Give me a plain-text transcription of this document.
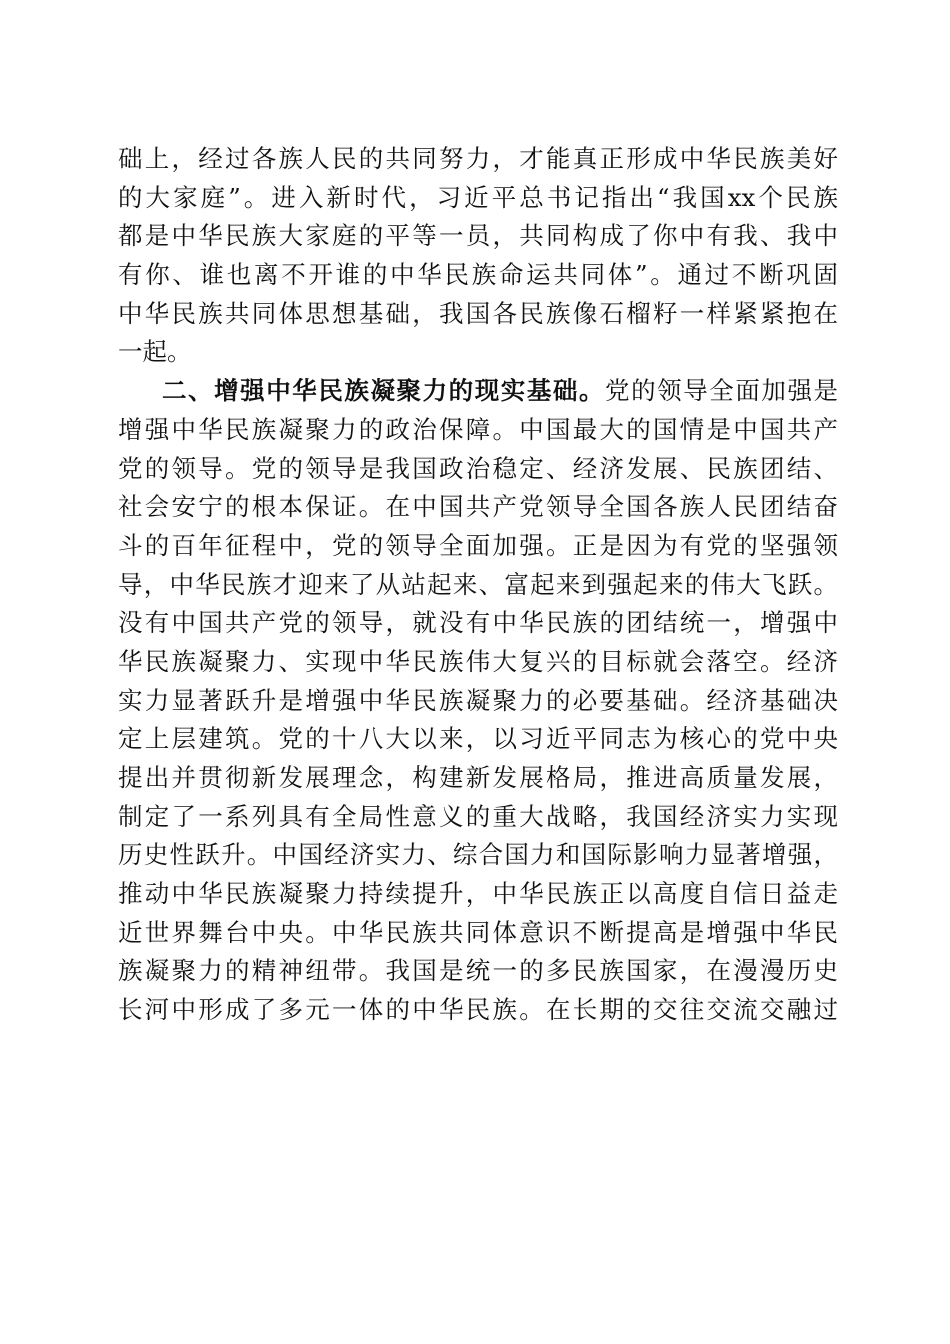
础上，经过各族人民的共同努力，才能真正形成中华民族美好
的大家庭”。进入新时代，习近平总书记指出“我国xx个民族
都是中华民族大家庭的平等一员，共同构成了你中有我、我中
有你、谁也离不开谁的中华民族命运共同体”。通过不断巩固
中华民族共同体思想基础，我国各民族像石榴籽一样紧紧抱在
一起。
二、增强中华民族凝聚力的现实基础。党的领导全面加强是
增强中华民族凝聚力的政治保障。中国最大的国情是中国共产
党的领导。党的领导是我国政治稳定、经济发展、民族团结、
社会安宁的根本保证。在中国共产党领导全国各族人民团结奋
斗的百年征程中，党的领导全面加强。正是因为有党的坚强领
导，中华民族才迎来了从站起来、富起来到强起来的伟大飞跃。
没有中国共产党的领导，就没有中华民族的团结统一，增强中
华民族凝聚力、实现中华民族伟大复兴的目标就会落空。经济
实力显著跃升是增强中华民族凝聚力的必要基础。经济基础决
定上层建筑。党的十八大以来，以习近平同志为核心的党中央
提出并贯彻新发展理念，构建新发展格局，推进高质量发展，
制定了一系列具有全局性意义的重大战略，我国经济实力实现
历史性跃升。中国经济实力、综合国力和国际影响力显著增强，
推动中华民族凝聚力持续提升，中华民族正以高度自信日益走
近世界舞台中央。中华民族共同体意识不断提高是增强中华民
族凝聚力的精神纽带。我国是统一的多民族国家，在漫漫历史
长河中形成了多元一体的中华民族。在长期的交往交流交融过
